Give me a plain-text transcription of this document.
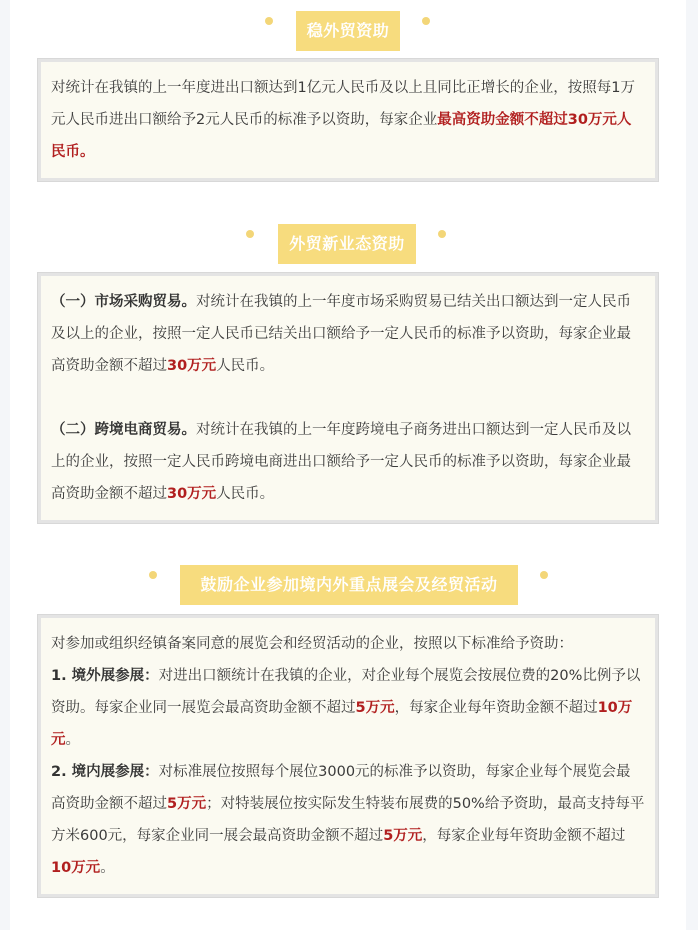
稳外贸资助

对统计在我镇的上一年度进出口额达到1亿元人民币及以上且同比正增长的企业，按照每1万元人民币进出口额给予2元人民币的标准予以资助，每家企业最高资助金额不超过30万元人民币。

外贸新业态资助

（一）市场采购贸易。对统计在我镇的上一年度市场采购贸易已结关出口额达到一定人民币及以上的企业，按照一定人民币已结关出口额给予一定人民币的标准予以资助，每家企业最高资助金额不超过30万元人民币。

（二）跨境电商贸易。对统计在我镇的上一年度跨境电子商务进出口额达到一定人民币及以上的企业，按照一定人民币跨境电商进出口额给予一定人民币的标准予以资助，每家企业最高资助金额不超过30万元人民币。

鼓励企业参加境内外重点展会及经贸活动

对参加或组织经镇备案同意的展览会和经贸活动的企业，按照以下标准给予资助：

1. 境外展参展：对进出口额统计在我镇的企业，对企业每个展览会按展位费的20%比例予以资助。每家企业同一展览会最高资助金额不超过5万元，每家企业每年资助金额不超过10万元。

2. 境内展参展：对标准展位按照每个展位3000元的标准予以资助，每家企业每个展览会最高资助金额不超过5万元；对特装展位按实际发生特装布展费的50%给予资助，最高支持每平方米600元，每家企业同一展会最高资助金额不超过5万元，每家企业每年资助金额不超过10万元。
